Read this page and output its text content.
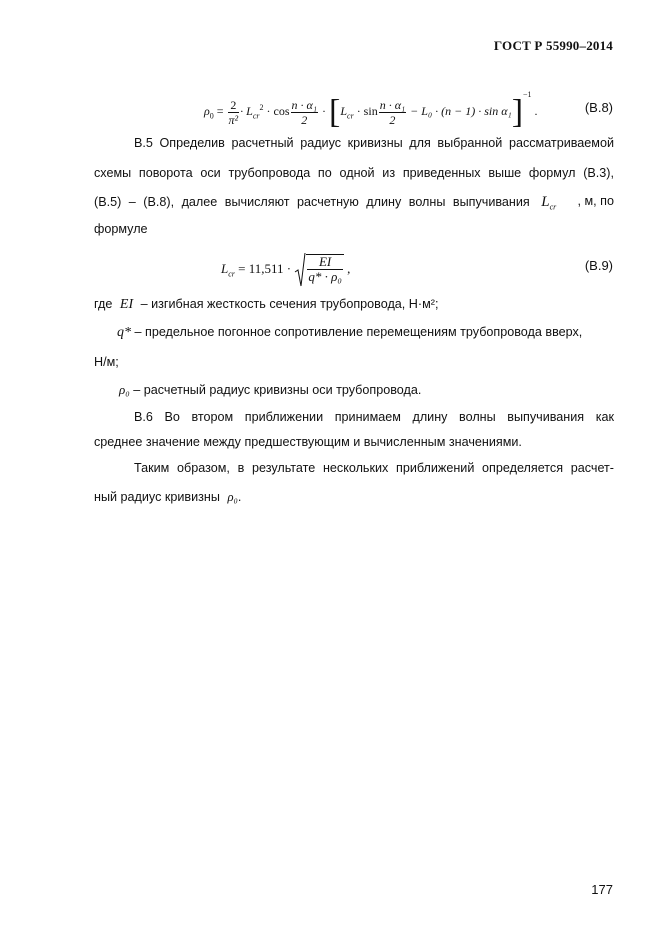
ГОСТ Р 55990–2014
$\rho_0 = \frac{2}{\text{π²}} \cdot L_{cr}^2 \cdot \cos \frac{\text{n · α₁}}{2} \cdot [L_{cr} \cdot \sin \frac{\text{n · α₁}}{2} - L_0 \cdot (n - 1) \cdot \sin \alpha_1]^{-1}$ .	(В.8)
В.5 Определив расчетный радиус кривизны для выбранной рассматриваемой
схемы поворота оси трубопровода по одной из приведенных выше формул (В.3),
(В.5) – (В.8), далее вычисляют расчетную длину волны выпучивания $L_{cr}$ , м, по
формуле
$L_{cr} = 11,511 \cdot \frac{EI}{\text{q* · ρ₀}}$ ,	(В.9)
где EI – изгибная жесткость сечения трубопровода, Н·м²;
q* – предельное погонное сопротивление перемещениям трубопровода вверх,
Н/м;
ρ₀ – расчетный радиус кривизны оси трубопровода.
В.6 Во втором приближении принимаем длину волны выпучивания как
среднее значение между предшествующим и вычисленным значениями.
Таким образом, в результате нескольких приближений определяется расчет-
ный радиус кривизны ρ₀.
177
